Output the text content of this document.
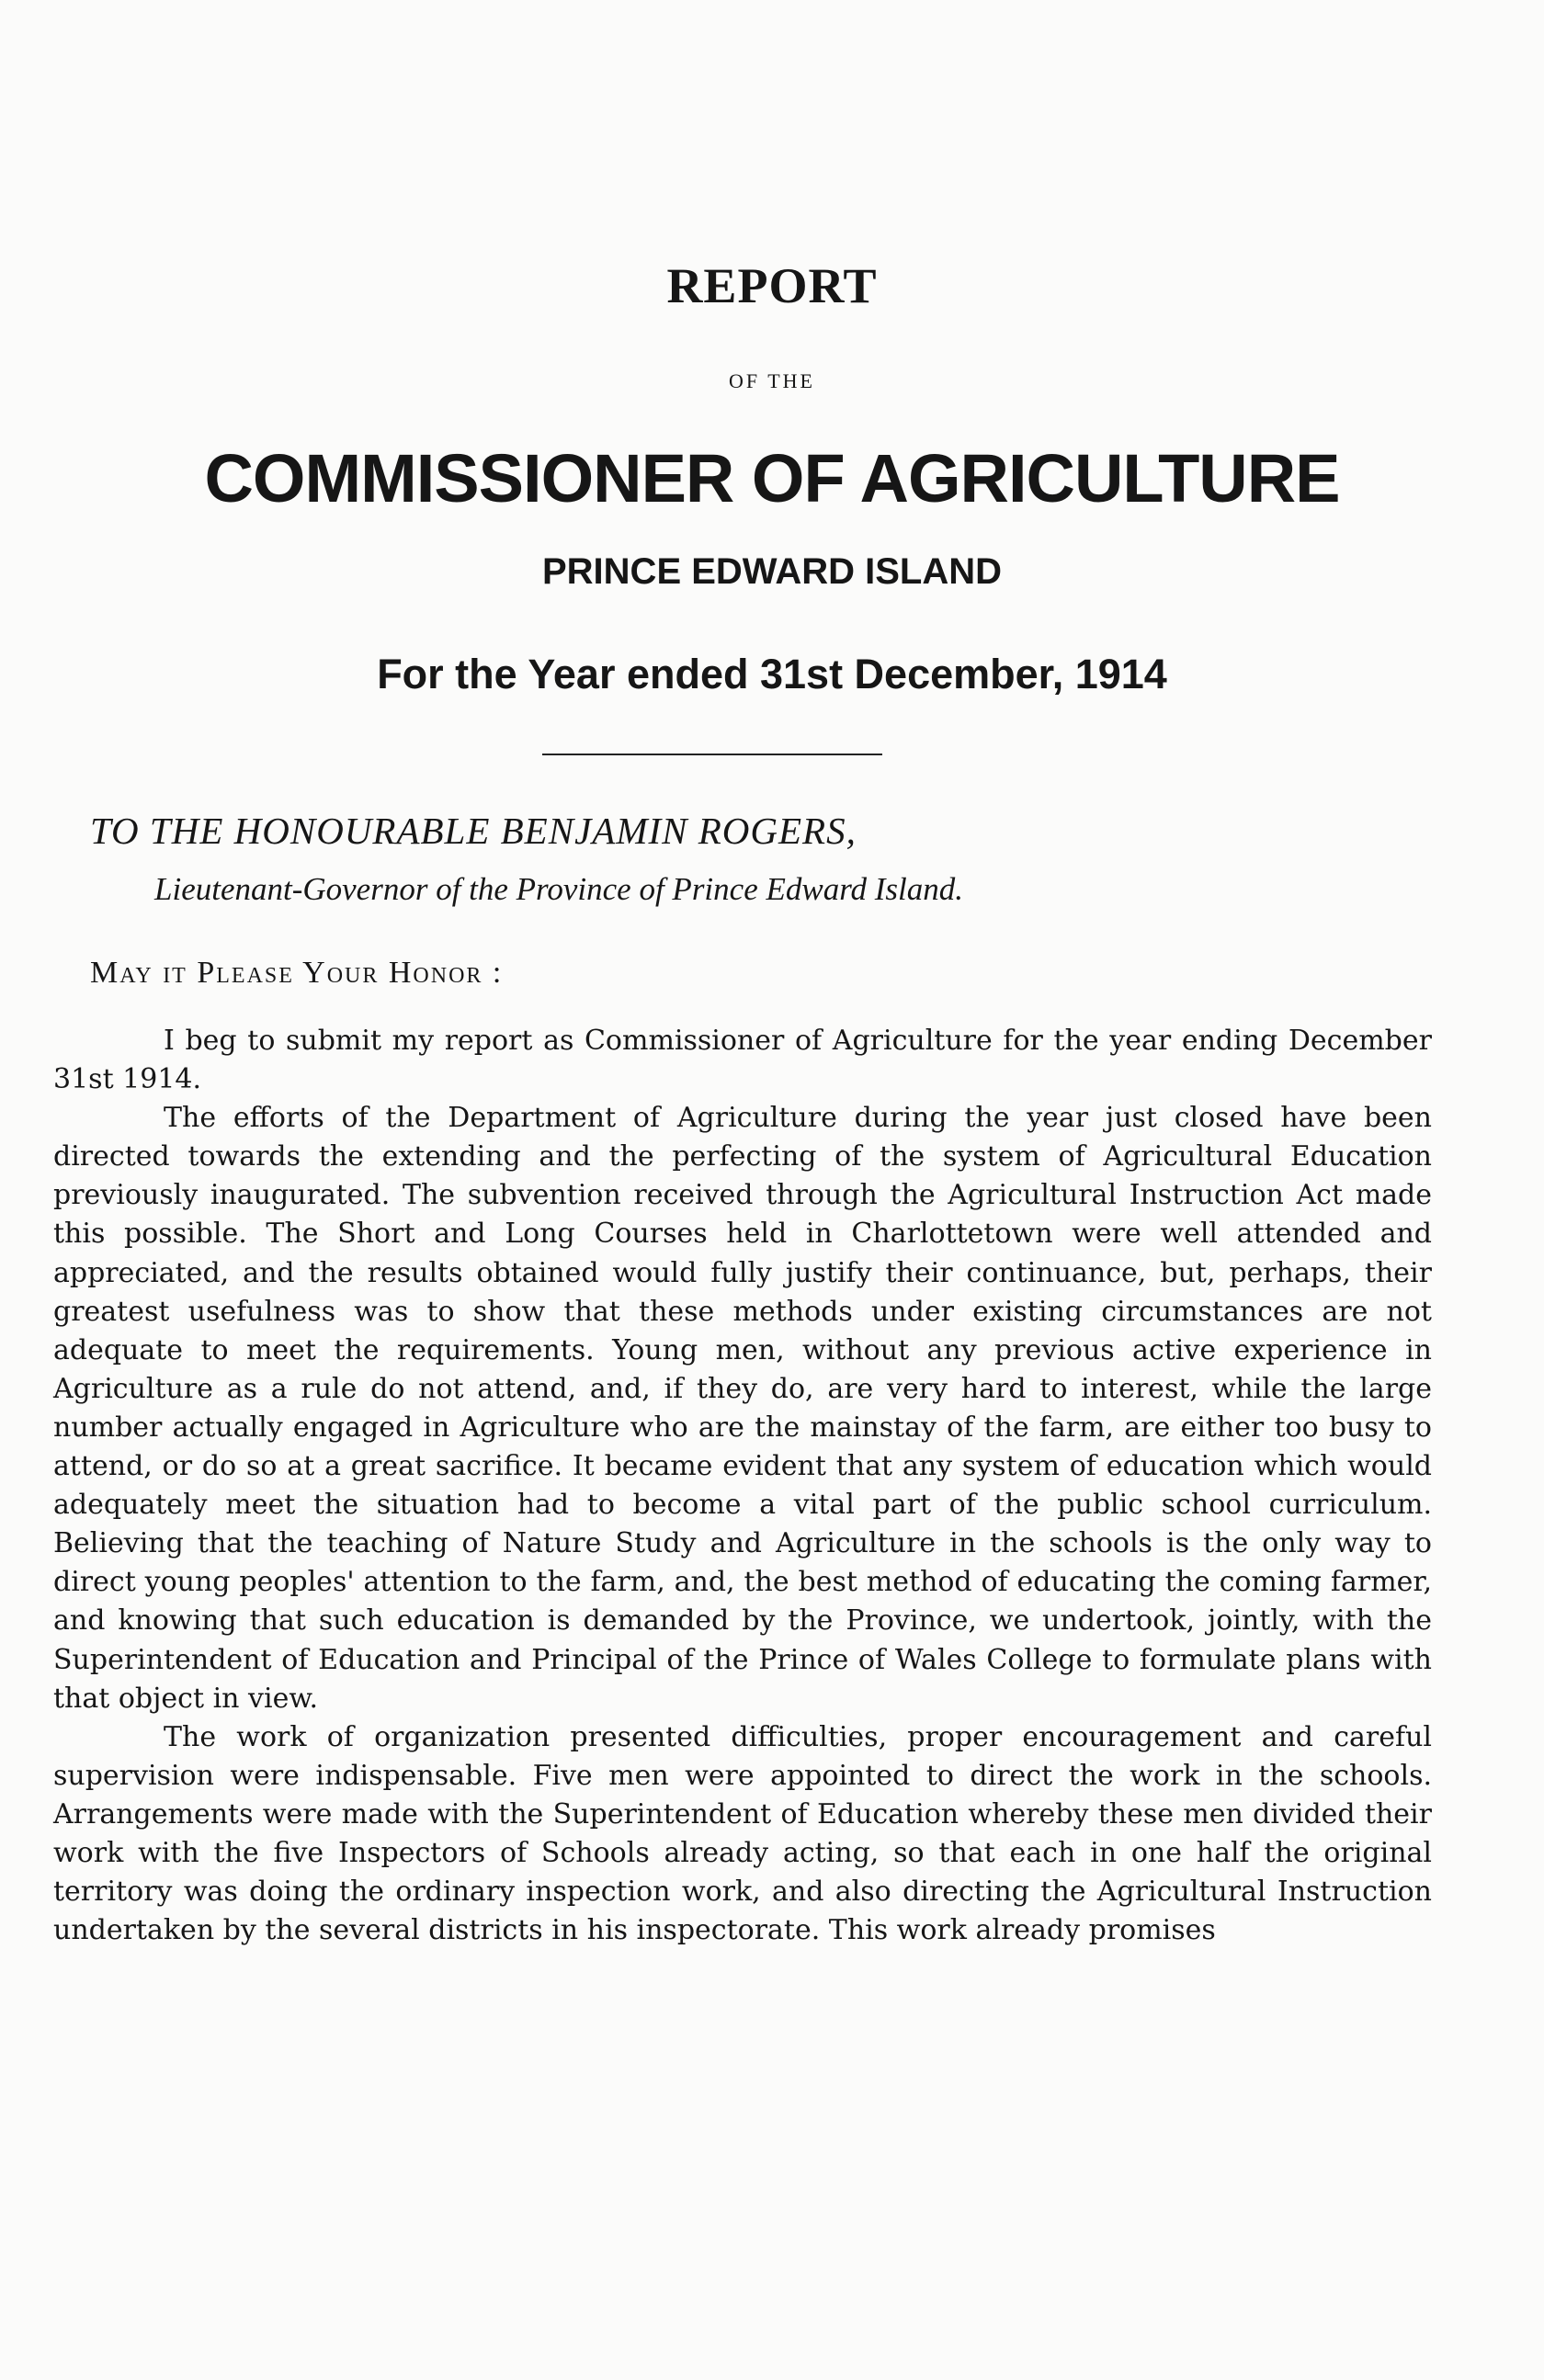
REPORT
OF THE
COMMISSIONER OF AGRICULTURE
PRINCE EDWARD ISLAND
For the Year ended 31st December, 1914
TO THE HONOURABLE BENJAMIN ROGERS,
Lieutenant-Governor of the Province of Prince Edward Island.
May it Please Your Honor :

I beg to submit my report as Commissioner of Agriculture for the year ending December 31st 1914.

The efforts of the Department of Agriculture during the year just closed have been directed towards the extending and the perfecting of the system of Agricultural Education previously inaugurated. The subvention received through the Agricultural Instruction Act made this possible. The Short and Long Courses held in Charlottetown were well attended and appreciated, and the results obtained would fully justify their continuance, but, perhaps, their greatest usefulness was to show that these methods under existing circumstances are not adequate to meet the requirements. Young men, without any previous active experience in Agriculture as a rule do not attend, and, if they do, are very hard to interest, while the large number actually engaged in Agriculture who are the mainstay of the farm, are either too busy to attend, or do so at a great sacrifice. It became evident that any system of education which would adequately meet the situation had to become a vital part of the public school curriculum. Believing that the teaching of Nature Study and Agriculture in the schools is the only way to direct young peoples' attention to the farm, and, the best method of educating the coming farmer, and knowing that such education is demanded by the Province, we undertook, jointly, with the Superintendent of Education and Principal of the Prince of Wales College to formulate plans with that object in view.

The work of organization presented difficulties, proper encouragement and careful supervision were indispensable. Five men were appointed to direct the work in the schools. Arrangements were made with the Superintendent of Education whereby these men divided their work with the five Inspectors of Schools already acting, so that each in one half the original territory was doing the ordinary inspection work, and also directing the Agricultural Instruction undertaken by the several districts in his inspectorate. This work already promises
